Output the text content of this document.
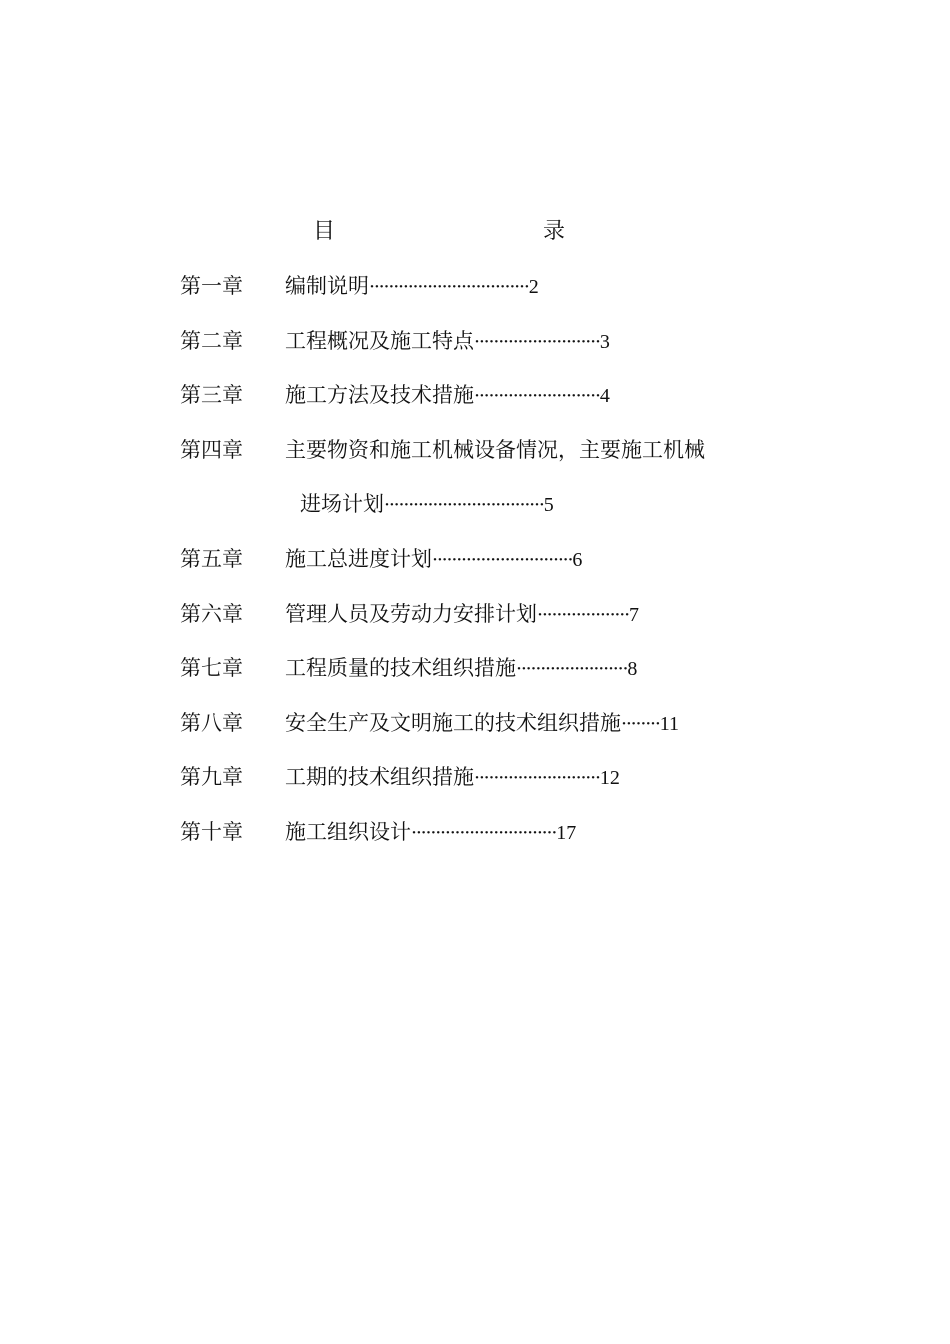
目	录
第一章 编制说明·································2
第二章 工程概况及施工特点··························3
第三章 施工方法及技术措施··························4
第四章 主要物资和施工机械设备情况，主要施工机械
进场计划·································5
第五章 施工总进度计划·····························6
第六章 管理人员及劳动力安排计划···················7
第七章 工程质量的技术组织措施·······················8
第八章 安全生产及文明施工的技术组织措施········11
第九章 工期的技术组织措施··························12
第十章 施工组织设计······························17
